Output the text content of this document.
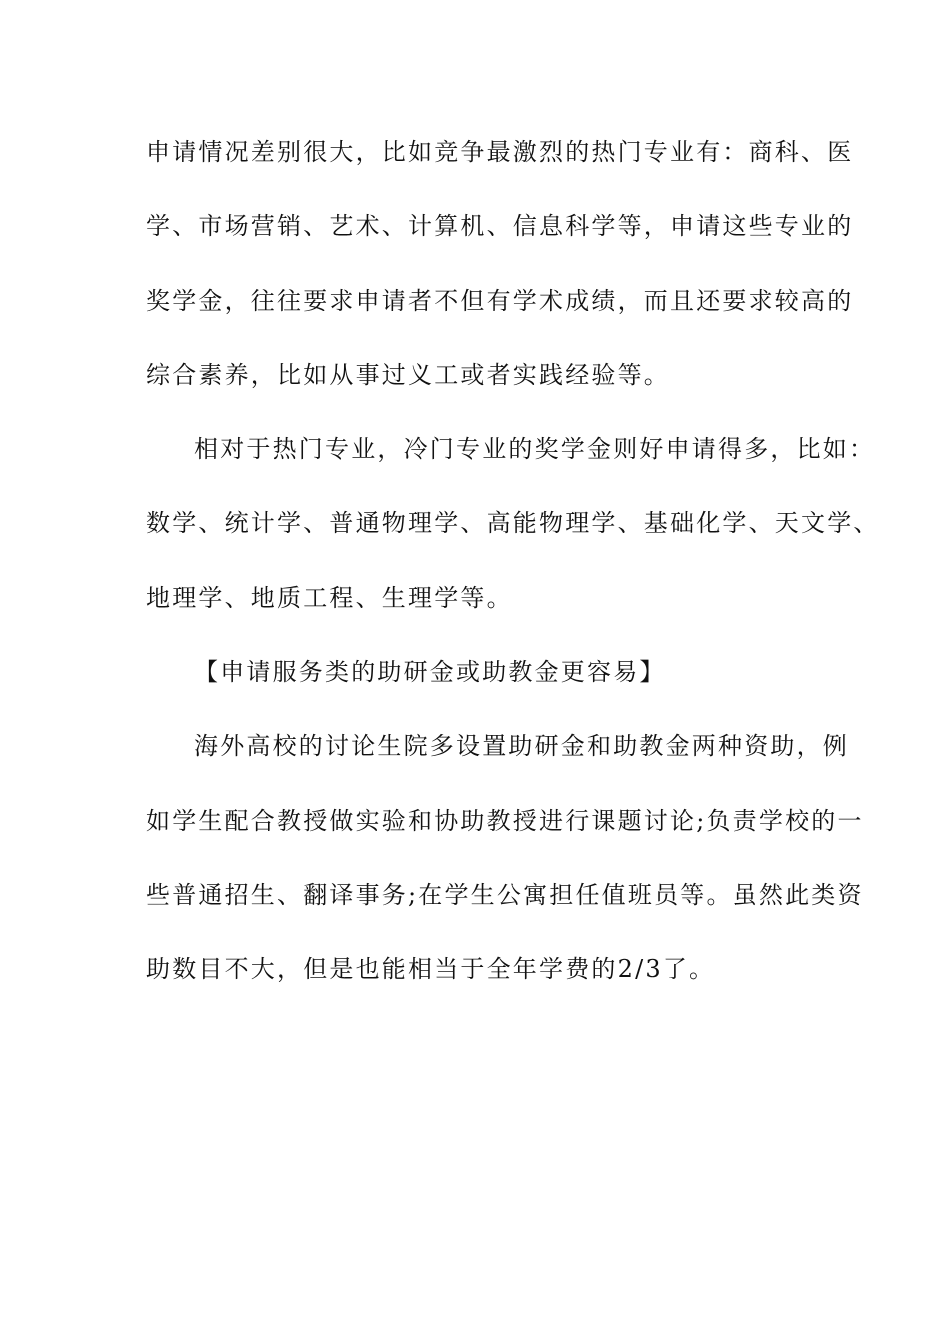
申请情况差别很大，比如竞争最激烈的热门专业有：商科、医
学、市场营销、艺术、计算机、信息科学等，申请这些专业的
奖学金，往往要求申请者不但有学术成绩，而且还要求较高的
综合素养，比如从事过义工或者实践经验等。
相对于热门专业，冷门专业的奖学金则好申请得多，比如：
数学、统计学、普通物理学、高能物理学、基础化学、天文学、
地理学、地质工程、生理学等。
【申请服务类的助研金或助教金更容易】
海外高校的讨论生院多设置助研金和助教金两种资助，例
如学生配合教授做实验和协助教授进行课题讨论;负责学校的一
些普通招生、翻译事务;在学生公寓担任值班员等。虽然此类资
助数目不大，但是也能相当于全年学费的2/3了。
